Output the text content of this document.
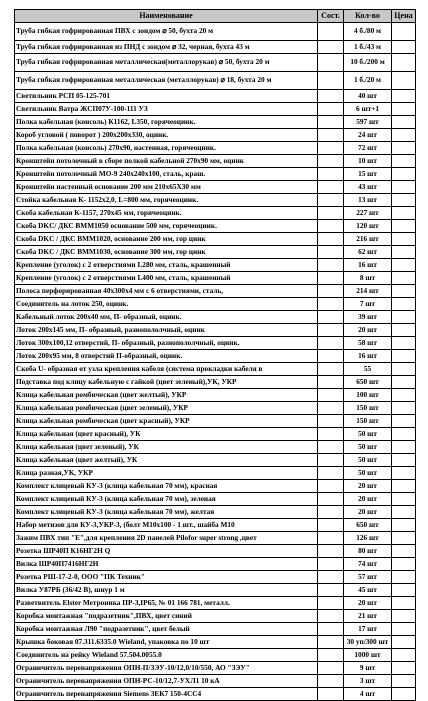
Наименование	Сост.	Кол-во	Цена
Труба гибкая гофрированная ПВХ с зондом ⌀ 50, бухта 20 м		4 б./80 м	
Труба гибкая гофрированная из ПНД с зондом ⌀ 32, черная, бухта 43 м		1 б./43 м	
Труба гибкая гофрированная металлическая(металлорукав) ⌀ 50, бухта 20 м		10 б./200 м	
Труба гибкая гофрированная металлическая (металлорукав) ⌀ 18, бухта 20 м		1 б./20 м	
Светильник РСП 05-125-701		40 шт	
Светильник Ватра ЖСП07У-100-111 УЗ		6 шт+1	
Полка кабельная (консоль) К1162, L350, горячеоцинк.		597 шт	
Короб угловой ( поворот ) 200х200х330, оцинк.		24 шт	
Полка кабельная (консоль) 270х90, настенная, горячеоцинк.		72 шт	
Кронштейн потолочный в сборе полкой кабельной 270х90 мм, оцинк		10 шт	
Кронштейн потолочный МО-9 240х240х100, сталь, краш.		15 шт	
Кронштейн настенный основание 200 мм 210x65X30 мм		43 шт	
Стойка кабельная К- 1152х2,0, L=800 мм, горячеоцинк.		13 шт	
Скоба кабельная К-1157, 270х45 мм, горячеоцинк.		227 шт	
Скоба DKC/ ДКС ВММ1050 основание 500 мм, горячеоцинк.		120 шт	
Скоба DKC / ДКС ВММ1020, основание 200 мм, гор цинк		216 шт	
Скоба DKC / ДКС ВММ1030, основание 300 мм, гор цинк		62 шт	
Крепление (уголок) с 2 отверстиями L280 мм, сталь, крашенный		16 шт	
Крепление (уголок) с 2 отверстиями L400 мм, сталь, крашенный		8 шт	
Полоса перфорированная 40х300х4 мм с 6 отверстиями, сталь,		214 шт	
Соединитель на лоток 250, оцинк.		7 шт	
Кабельный лоток 200х40 мм, П- образный, оцинк.		39 шт	
Лоток 200х145 мм, П- образный, разнопололчный, оцинк		20 шт	
Лоток 300х100,12 отверстий, П- образный, разнопололчный, оцинк.		58 шт	
Лоток 200х95 мм, 8 отверстий П-образный, оцинк.		16 шт	
Скоба U- образная от узла крепления кабеля (система прокладки кабеля в		55	
Подставка под клицу кабельную с гайкой (цвет зеленый),УК, УКР		650 шт	
Клица кабельная ромбическая (цвет желтый), УКР		100 шт	
Клица кабельная ромбическая (цвет зеленый), УКР		150 шт	
Клица кабельная ромбическая (цвет красный), УКР		150 шт	
Клица кабельная (цвет красный), УК		50 шт	
Клица кабельная (цвет зеленый), УК		50 шт	
Клица кабельная (цвет желтый), УК		50 шт	
Клица разная,УК, УКР		50 шт	
Комплект клицевый КУ-3 (клица кабельная 70 мм), красная		20 шт	
Комплект клицевый КУ-3 (клица кабельная 70 мм), зеленая		20 шт	
Комплект клицевый КУ-3 (клица кабельная 70 мм), желтая		20 шт	
Набор метизов для КУ-3,УКР-3, (болт М10х100 - 1 шт., шайба М10		650 шт	
Зажим ПВХ тип "Е",для крепления 2D панелей Pilofor super strong ,цвет		126 шт	
Розетка ШР40П К16НГ2Н Q		80 шт	
Вилка ШР40П7416НГ2Н		74 шт	
Розетка РШ-17-2-0, ООО "ПК Техник"		57 шт	
Вилка У87РБ (36/42 В), шнур 1 м		45 шт	
Разветвитель Elster Метроника ПР-3,IP65, № 01 166 781, металл.		20 шт	
Коробка монтажная "подразетник",ПВХ, цвет синий		21 шт	
Коробка монтажная Л90 "подразетник", цвет белый		17 шт	
Крышка боковая 07.311.6335.0 Wieland, упаковка по 10 шт		30 уп/300 шт	
Соединитель на рейку Wieland 57.504.0055.0		1000 шт	
Ограничитель перенапряжения ОПН-П/ЗЭУ-10/12,0/10/550, АО "ЗЭУ"		9 шт	
Ограничитель перенапряжения ОПН-РС-10/12,7-УХЛ1 10 кА		3 шт	
Ограничитель перенапряжения Siemens 3ЕК7 150-4СС4		4 шт	
